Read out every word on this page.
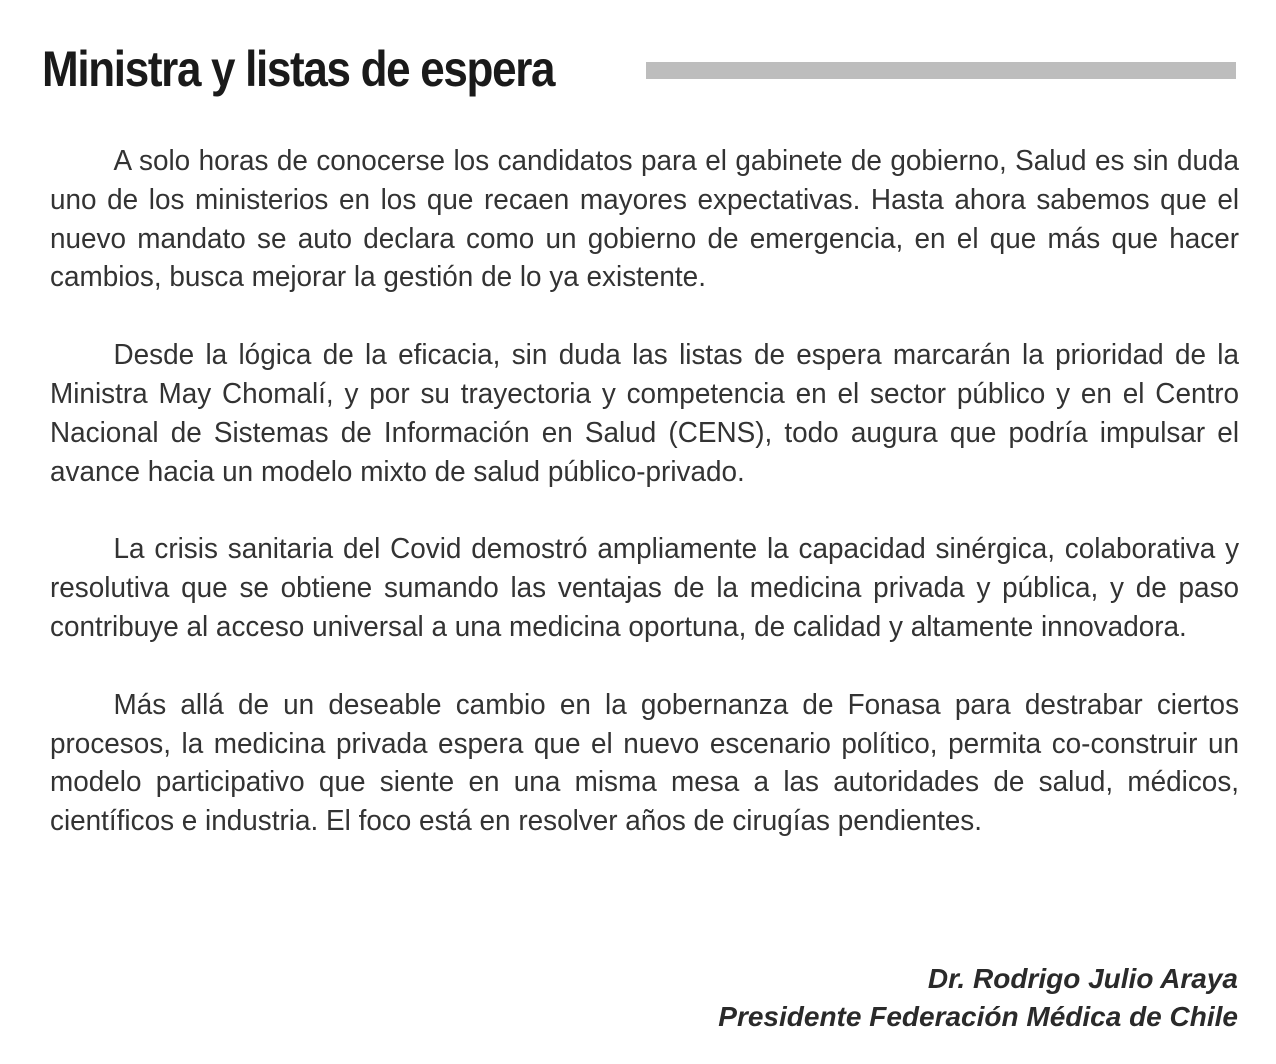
Ministra y listas de espera

A solo horas de conocerse los candidatos para el gabinete de gobierno, Salud es sin duda uno de los ministerios en los que recaen mayores expectativas. Hasta ahora sabemos que el nuevo mandato se auto declara como un gobierno de emergencia, en el que más que hacer cambios, busca mejorar la gestión de lo ya existente.

Desde la lógica de la eficacia, sin duda las listas de espera marcarán la prioridad de la Ministra May Chomalí, y por su trayectoria y competencia en el sector público y en el Centro Nacional de Sistemas de Información en Salud (CENS), todo augura que podría impulsar el avance hacia un modelo mixto de salud público-privado.

La crisis sanitaria del Covid demostró ampliamente la capacidad sinérgica, colaborativa y resolutiva que se obtiene sumando las ventajas de la medicina privada y pública, y de paso contribuye al acceso universal a una medicina oportuna, de calidad y altamente innovadora.

Más allá de un deseable cambio en la gobernanza de Fonasa para destrabar ciertos procesos, la medicina privada espera que el nuevo escenario político, permita co-construir un modelo participativo que siente en una misma mesa a las autoridades de salud, médicos, científicos e industria. El foco está en resolver años de cirugías pendientes.

Dr. Rodrigo Julio Araya
Presidente Federación Médica de Chile
